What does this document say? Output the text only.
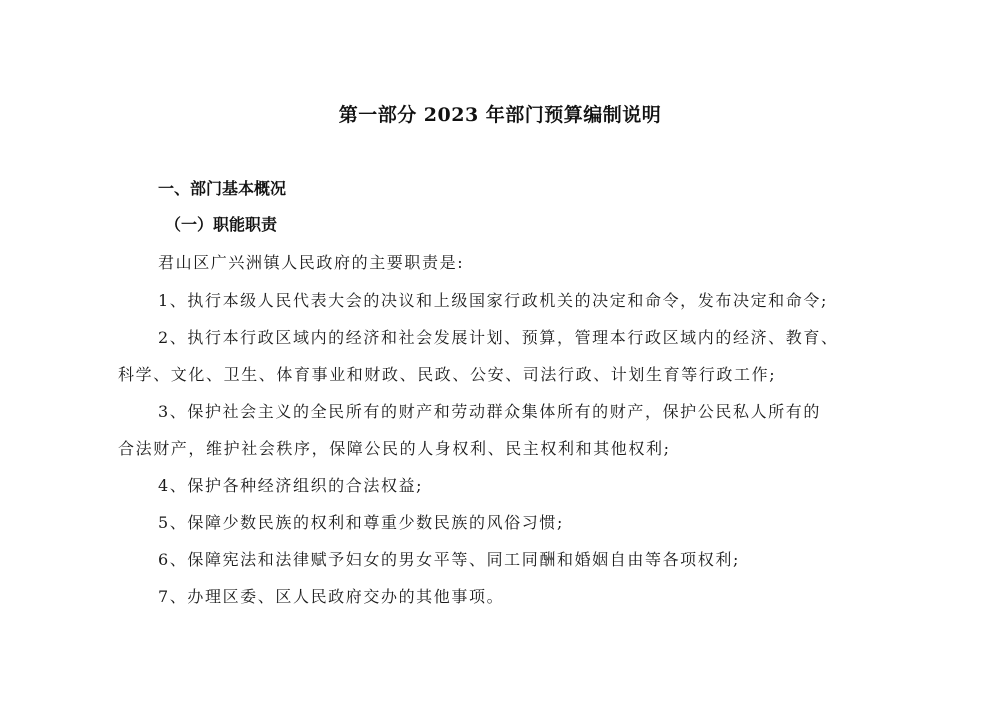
第一部分 2023 年部门预算编制说明
一、部门基本概况
（一）职能职责
君山区广兴洲镇人民政府的主要职责是:
1、执行本级人民代表大会的决议和上级国家行政机关的决定和命令，发布决定和命令;
2、执行本行政区域内的经济和社会发展计划、预算，管理本行政区域内的经济、教育、
科学、文化、卫生、体育事业和财政、民政、公安、司法行政、计划生育等行政工作;
3、保护社会主义的全民所有的财产和劳动群众集体所有的财产，保护公民私人所有的
合法财产，维护社会秩序，保障公民的人身权利、民主权利和其他权利;
4、保护各种经济组织的合法权益;
5、保障少数民族的权利和尊重少数民族的风俗习惯;
6、保障宪法和法律赋予妇女的男女平等、同工同酬和婚姻自由等各项权利;
7、办理区委、区人民政府交办的其他事项。
